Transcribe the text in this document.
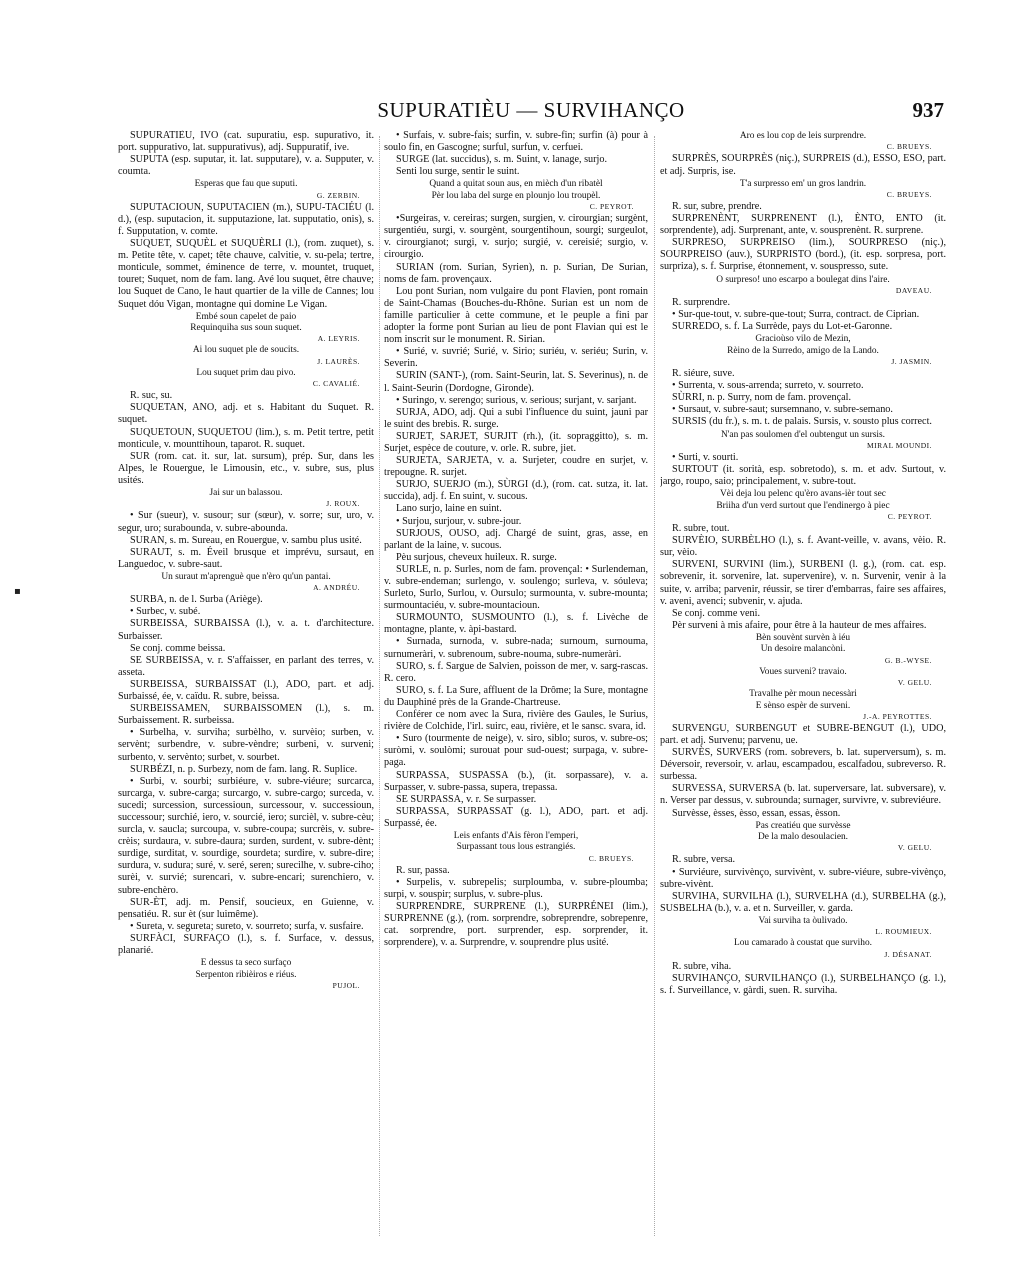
SUPURATIÈU — SURVIHANÇO	937
▪

SUPURATIÈU, IVO (cat. supuratiu, esp. supurativo, it. port. suppurativo, lat. suppurativus), adj. Suppuratif, ive.

SUPUTA (esp. suputar, it. lat. supputare), v. a. Supputer, v. coumta.

Esperas que fau que suputi.
G. ZERBIN.

SUPUTACIOUN, SUPUTACIEN (m.), SUPU-TACIÉU (l. d.), (esp. suputacion, it. supputazione, lat. supputatio, onis), s. f. Supputation, v. comte.

SUQUET, SUQUÈL et SUQUÈRLI (l.), (rom. zuquet), s. m. Petite tête, v. capet; tête chauve, calvitie, v. su-pela; tertre, monticule, sommet, éminence de terre, v. mountet, truquet, touret; Suquet, nom de fam. lang. Avé lou suquet, être chauve; lou Suquet de Cano, le haut quartier de la ville de Cannes; lou Suquet dóu Vigan, montagne qui domine Le Vigan.

Embé soun capelet de paio
Requinquiha sus soun suquet.
A. LEYRIS.
Ai lou suquet ple de soucits.
J. LAURÈS.
Lou suquet prim dau pivo.
C. CAVALIÉ.

R. suc, su.

SUQUETAN, ANO, adj. et s. Habitant du Suquet. R. suquet.

SUQUETOUN, SUQUETOU (lim.), s. m. Petit tertre, petit monticule, v. mounttihoun, taparot. R. suquet.

SUR (rom. cat. it. sur, lat. sursum), prép. Sur, dans les Alpes, le Rouergue, le Limousin, etc., v. subre, sus, plus usités.

Jai sur un balassou.
J. ROUX.

• Sur (sueur), v. susour; sur (sœur), v. sorre; sur, uro, v. segur, uro; surabounda, v. subre-abounda.

SURAN, s. m. Sureau, en Rouergue, v. sambu plus usité.

SURAUT, s. m. Éveil brusque et imprévu, sursaut, en Languedoc, v. subre-saut.

Un suraut m'aprenguè que n'èro qu'un pantai.
A. ANDRÉU.

SURBA, n. de l. Surba (Ariège).

• Surbec, v. subé.

SURBEISSA, SURBAISSA (l.), v. a. t. d'architecture. Surbaisser.

Se conj. comme beissa.

SE SURBEISSA, v. r. S'affaisser, en parlant des terres, v. asseta.

SURBEISSA, SURBAISSAT (l.), ADO, part. et adj. Surbaissé, ée, v. caïdu. R. subre, beissa.

SURBEISSAMEN, SURBAISSOMEN (l.), s. m. Surbaissement. R. surbeissa.

• Surbelha, v. surviha; surbèlho, v. survèio; surben, v. servènt; surbendre, v. subre-vèndre; surbeni, v. surveni; surbento, v. servènto; surbet, v. sourbet.

SURBÉZI, n. p. Surbezy, nom de fam. lang. R. Suplice.

• Surbi, v. sourbi; surbiéure, v. subre-viéure; surcarca, surcarga, v. subre-carga; surcargo, v. subre-cargo; surceda, v. sucedi; surcession, surcessioun, surcessour, v. successioun, successour; surchié, iero, v. sourcié, iero; surcièl, v. subre-cèu; surcla, v. saucla; surcoupa, v. subre-coupa; surcrèis, v. subre-crèis; surdaura, v. subre-daura; surden, surdent, v. subre-dènt; surdige, surditat, v. sourdige, sourdeta; surdire, v. subre-dire; surdura, v. sudura; suré, v. seré, seren; surecilhe, v. subre-ciho; surèi, v. survié; surencari, v. subre-encari; surenchiero, v. subre-enchèro.

SUR-ÈT, adj. m. Pensif, soucieux, en Guienne, v. pensatiéu. R. sur èt (sur luimême).

• Sureta, v. segureta; sureto, v. sourreto; surfa, v. susfaire.

SURFÀCI, SURFAÇO (l.), s. f. Surface, v. dessus, planarié.

E dessus ta seco surfaço
Serpenton ribièiros e riéus.
PUJOL.

• Surfais, v. subre-fais; surfin, v. subre-fin; surfin (à) pour à soulo fin, en Gascogne; surful, surfun, v. cerfuei.

SURGE (lat. succidus), s. m. Suint, v. lanage, surjo.

Senti lou surge, sentir le suint.

Quand a quitat soun aus, en mièch d'un ribatèl
Pèr lou laba del surge en plounjo lou troupèl.
C. PEYROT.

•Surgeiras, v. cereiras; surgen, surgien, v. cirourgian; surgènt, surgentiéu, surgi, v. sourgènt, sourgentihoun, sourgi; surgeulot, v. cirourgianot; surgi, v. surjo; surgié, v. cereisié; surgio, v. cirourgio.

SURIAN (rom. Surian, Syrien), n. p. Surian, De Surian, noms de fam. provençaux.

Lou pont Surian, nom vulgaire du pont Flavien, pont romain de Saint-Chamas (Bouches-du-Rhône. Surian est un nom de famille particulier à cette commune, et le peuple a fini par adopter la forme pont Surian au lieu de pont Flavian qui est le nom inscrit sur le monument. R. Sirian.

• Surié, v. suvrié; Surié, v. Sirio; suriéu, v. seriéu; Surin, v. Severin.

SURIN (SANT-), (rom. Saint-Seurin, lat. S. Severinus), n. de l. Saint-Seurin (Dordogne, Gironde).

• Suringo, v. serengo; surious, v. serious; surjant, v. sarjant.

SURJA, ADO, adj. Qui a subi l'influence du suint, jauni par le suint des brebis. R. surge.

SURJET, SARJET, SURJIT (rh.), (it. sopraggitto), s. m. Surjet, espèce de couture, v. orle. R. subre, jiet.

SURJETA, SARJETA, v. a. Surjeter, coudre en surjet, v. trepougne. R. surjet.

SURJO, SUERJO (m.), SÙRGI (d.), (rom. cat. sutza, it. lat. succida), adj. f. En suint, v. sucous.

Lano surjo, laine en suint.

• Surjou, surjour, v. subre-jour.

SURJOUS, OUSO, adj. Chargé de suint, gras, asse, en parlant de la laine, v. sucous.

Pèu surjous, cheveux huileux. R. surge.

SURLE, n. p. Surles, nom de fam. provençal: • Surlendeman, v. subre-endeman; surlengo, v. soulengo; surleva, v. sóuleva; Surleto, Surlo, Surlou, v. Oursulo; surmounta, v. subre-mounta; surmountaciéu, v. subre-mountacioun.

SURMOUNTO, SUSMOUNTO (l.), s. f. Livèche de montagne, plante, v. àpi-bastard.

• Surnada, surnoda, v. subre-nada; surnoum, surnouma, surnumeràri, v. subrenoum, subre-nouma, subre-numeràri.

SURO, s. f. Sargue de Salvien, poisson de mer, v. sarg-rascas. R. cero.

SURO, s. f. La Sure, affluent de la Drôme; la Sure, montagne du Dauphiné près de la Grande-Chartreuse.

Conférer ce nom avec la Sura, rivière des Gaules, le Surius, rivière de Colchide, l'irl. suirc, eau, rivière, et le sansc. svara, id.

• Suro (tourmente de neige), v. siro, siblo; suros, v. subre-os; suròmi, v. soulòmi; surouat pour sud-ouest; surpaga, v. subre-paga.

SURPASSA, SUSPASSA (b.), (it. sorpassare), v. a. Surpasser, v. subre-passa, supera, trepassa.

SE SURPASSA, v. r. Se surpasser.

SURPASSA, SURPASSAT (g. l.), ADO, part. et adj. Surpassé, ée.

Leis enfants d'Ais fèron l'emperi,
Surpassant tous lous estrangiés.
C. BRUEYS.

R. sur, passa.

• Surpelis, v. subrepelis; surploumba, v. subre-ploumba; surpi, v. souspir; surplus, v. subre-plus.

SURPRENDRE, SURPRENE (l.), SURPRÉNEI (lim.), SURPRENNE (g.), (rom. sorprendre, sobreprendre, sobrepenre, cat. sorprendre, port. surprender, esp. sorprender, it. sorprendere), v. a. Surprendre, v. souprendre plus usité.

Aro es lou cop de leis surprendre.
C. BRUEYS.

SURPRÈS, SOURPRÈS (niç.), SURPREIS (d.), ESSO, ESO, part. et adj. Surpris, ise.

T'a surpresso em' un gros landrin.
C. BRUEYS.

R. sur, subre, prendre.

SURPRENÈNT, SURPRENENT (l.), ÈNTO, ENTO (it. sorprendente), adj. Surprenant, ante, v. sousprenènt. R. surprene.

SURPRESO, SURPREISO (lim.), SOURPRESO (niç.), SOURPREISO (auv.), SURPRISTO (bord.), (it. esp. sorpresa, port. surpriza), s. f. Surprise, étonnement, v. souspresso, sute.

O surpreso! uno escarpo a boulegat dins l'aire.
DAVEAU.

R. surprendre.

• Sur-que-tout, v. subre-que-tout; Surra, contract. de Ciprian.

SURREDO, s. f. La Surrède, pays du Lot-et-Garonne.

Gracioùso vilo de Mezin,
Rèino de la Surredo, amigo de la Lando.
J. JASMIN.

R. siéure, suve.

• Surrenta, v. sous-arrenda; surreto, v. sourreto.

SÙRRI, n. p. Surry, nom de fam. provençal.

• Sursaut, v. subre-saut; sursemnano, v. subre-semano.

SURSIS (du fr.), s. m. t. de palais. Sursis, v. sousto plus correct.

N'an pas soulomen d'el oubtengut un sursis.
MIRAL MOUNDI.

• Surti, v. sourti.

SURTOUT (it. sorità, esp. sobretodo), s. m. et adv. Surtout, v. jargo, roupo, saio; principalement, v. subre-tout.

Vèi deja lou pelenc qu'èro avans-ièr tout sec
Briiha d'un verd surtout que l'endinergo à piec
C. PEYROT.

R. subre, tout.

SURVÈIO, SURBÈLHO (l.), s. f. Avant-veille, v. avans, vèio. R. sur, vèio.

SURVENI, SURVINI (lim.), SURBENI (l. g.), (rom. cat. esp. sobrevenir, it. sorvenire, lat. supervenire), v. n. Survenir, venir à la suite, v. arriba; parvenir, réussir, se tirer d'embarras, faire ses affaires, v. aveni, avenci; subvenir, v. ajuda.

Se conj. comme veni.

Pèr surveni à mis afaire, pour être à la hauteur de mes affaires.

Bèn souvènt survèn à iéu
Un desoire malancòni.
G. B.-WYSE.
Voues surveni? travaio.
V. GELU.
Travalhe pèr moun necessàri
E sènso espèr de surveni.
J.-A. PEYROTTES.

SURVENGU, SURBENGUT et SUBRE-BENGUT (l.), UDO, part. et adj. Survenu; parvenu, ue.

SURVÈS, SURVERS (rom. sobrevers, b. lat. superversum), s. m. Déversoir, reversoir, v. arlau, escampadou, escalfadou, subreverso. R. surbessa.

SURVESSA, SURVERSA (b. lat. superversare, lat. subversare), v. n. Verser par dessus, v. subrounda; surnager, survivre, v. subreviéure.

Survèsse, èsses, èsso, essan, essas, èsson.

Pas creatiéu que survèsse
De la malo desoulacien.
V. GELU.

R. subre, versa.

• Surviéure, survivènço, survivènt, v. subre-viéure, subre-vivènço, subre-vivènt.

SURVIHA, SURVILHA (l.), SURVELHA (d.), SURBELHA (g.), SUSBELHA (b.), v. a. et n. Surveiller, v. garda.

Vai surviha ta òulivado.
L. ROUMIEUX.
Lou camarado à coustat que surviho.
J. DÉSANAT.

R. subre, viha.

SURVIHANÇO, SURVILHANÇO (l.), SURBELHANÇO (g. l.), s. f. Surveillance, v. gàrdi, suen. R. surviha.
